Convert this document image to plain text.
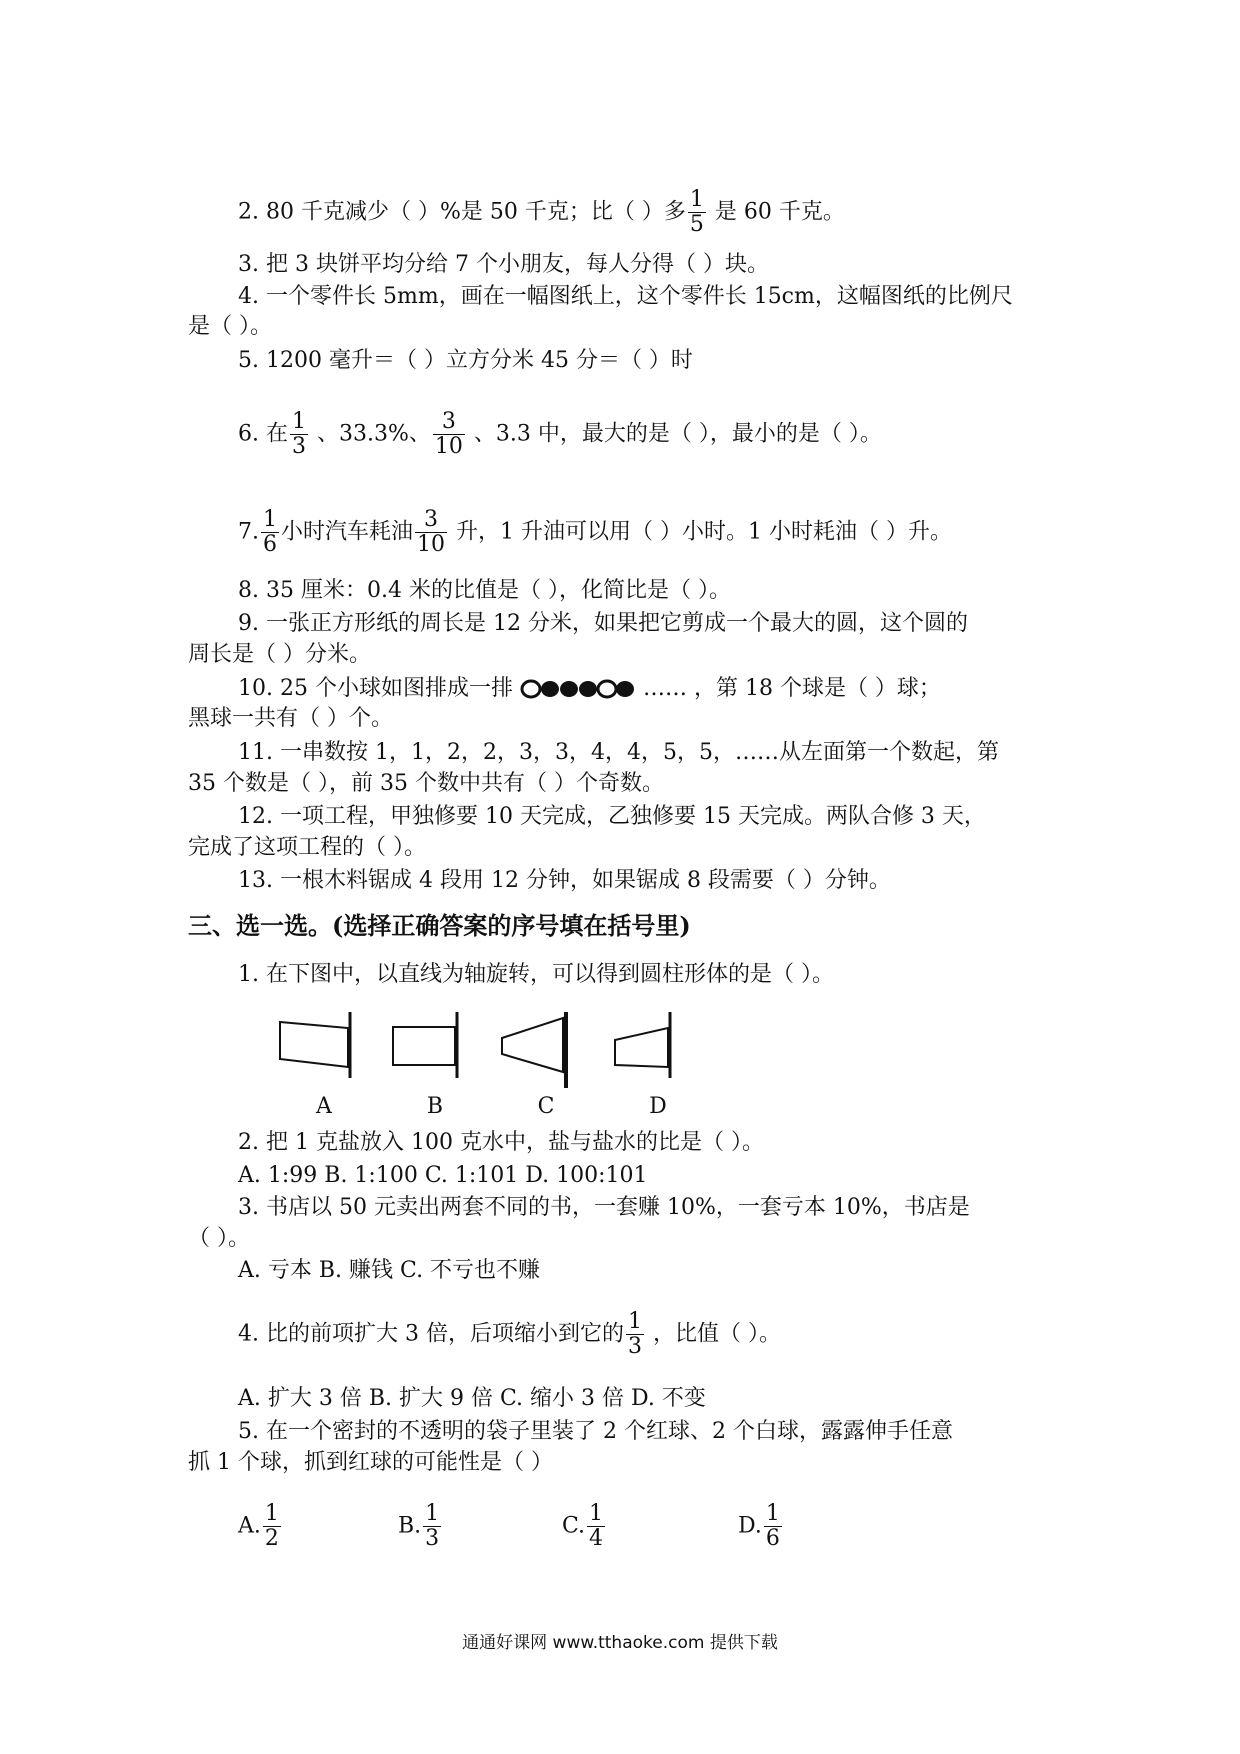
2. 80 千克减少（ ）%是 50 千克；比（ ）多 $\frac{1}{5}$ 是 60 千克。
3. 把 3 块饼平均分给 7 个小朋友，每人分得（ ）块。
4. 一个零件长 5mm，画在一幅图纸上，这个零件长 15cm，这幅图纸的比例尺
是（ ）。
5. 1200 毫升＝（ ）立方分米 45 分＝（ ）时
6. 在 $\frac{1}{3}$ 、33.3%、 $\frac{3}{10}$ 、3.3 中，最大的是（ ），最小的是（ ）。
7. $\frac{1}{6}$ 小时汽车耗油 $\frac{3}{10}$ 升，1 升油可以用（ ）小时。1 小时耗油（ ）升。
8. 35 厘米：0.4 米的比值是（ ），化简比是（ ）。
9. 一张正方形纸的周长是 12 分米，如果把它剪成一个最大的圆，这个圆的
周长是（ ）分米。
10. 25 个小球如图排成一排	…… ，第 18 个球是（ ）球；
黑球一共有（ ）个。
11. 一串数按 1，1，2，2，3，3，4，4，5，5，……从左面第一个数起，第
35 个数是（ ），前 35 个数中共有（ ）个奇数。
12. 一项工程，甲独修要 10 天完成，乙独修要 15 天完成。两队合修 3 天，
完成了这项工程的（ ）。
13. 一根木料锯成 4 段用 12 分钟，如果锯成 8 段需要（ ）分钟。
三、选一选。(选择正确答案的序号填在括号里)
1. 在下图中，以直线为轴旋转，可以得到圆柱形体的是（ ）。
A	B	C	D
2. 把 1 克盐放入 100 克水中，盐与盐水的比是（ ）。
A. 1:99 B. 1:100 C. 1:101 D. 100:101
3. 书店以 50 元卖出两套不同的书，一套赚 10%，一套亏本 10%，书店是
（ ）。
A. 亏本 B. 赚钱 C. 不亏也不赚
4. 比的前项扩大 3 倍，后项缩小到它的 $\frac{1}{3}$ ，比值（ ）。
A. 扩大 3 倍 B. 扩大 9 倍 C. 缩小 3 倍 D. 不变
5. 在一个密封的不透明的袋子里装了 2 个红球、2 个白球，露露伸手任意
抓 1 个球，抓到红球的可能性是（ ）
A. $\frac{1}{2}$	B. $\frac{1}{3}$	C. $\frac{1}{4}$	D. $\frac{1}{6}$
通通好课网 www.tthaoke.com 提供下载
